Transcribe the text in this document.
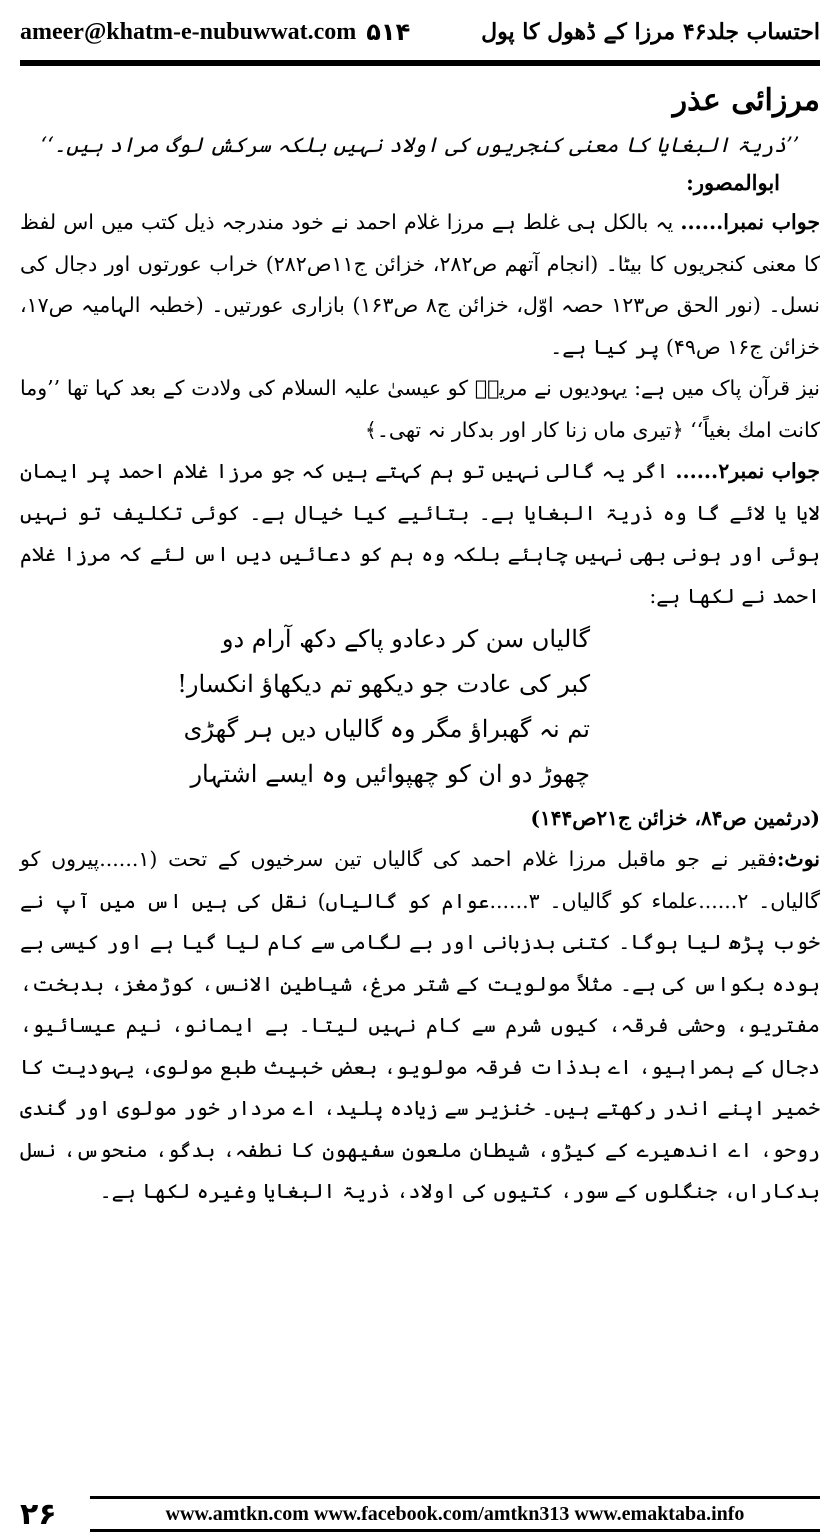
ameer@khatm-e-nubuwwat.com ۵۱۴	احتساب جلد۴۶ مرزا کے ڈھول کا پول
مرزائی عذر
’’ذریۃ البغایا کا معنی کنجریوں کی اولاد نہیں بلکہ سرکش لوگ مراد ہیں۔‘‘
ابوالمصور:

جواب نمبرا...... یہ بالکل ہی غلط ہے مرزا غلام احمد نے خود مندرجہ ذیل کتب میں اس لفظ کا معنی کنجریوں کا بیٹا۔ (انجام آتھم ص۲۸۲، خزائن ج۱۱ص۲۸۲) خراب عورتوں اور دجال کی نسل۔ (نور الحق ص۱۲۳ حصہ اوّل، خزائن ج۸ ص۱۶۳) بازاری عورتیں۔ (خطبہ الہامیہ ص۱۷، خزائن ج۱۶ ص۴۹) پر کیا ہے۔

نیز قرآن پاک میں ہے: یہودیوں نے مریمؑ کو عیسیٰ علیہ السلام کی ولادت کے بعد کہا تھا ’’وما کانت امك بغیاً‘‘ ﴿تیری ماں زنا کار اور بدکار نہ تھی۔﴾

جواب نمبر۲...... اگر یہ گالی نہیں تو ہم کہتے ہیں کہ جو مرزا غلام احمد پر ایمان لایا یا لائے گا وہ ذریۃ البغایا ہے۔ بتائیے کیا خیال ہے۔ کوئی تکلیف تو نہیں ہوئی اور ہونی بھی نہیں چاہئے بلکہ وہ ہم کو دعائیں دیں اس لئے کہ مرزا غلام احمد نے لکھا ہے:

گالیاں سن کر دعادو پاکے دکھ آرام دو
کبر کی عادت جو دیکھو تم دیکھاؤ انکسار!
تم نہ گھبراؤ مگر وہ گالیاں دیں ہر گھڑی
چھوڑ دو ان کو چھپوائیں وہ ایسے اشتہار
(درثمین ص۸۴، خزائن ج۲۱ص۱۴۴)

نوٹ:فقیر نے جو ماقبل مرزا غلام احمد کی گالیاں تین سرخیوں کے تحت (۱......پیروں کو گالیاں۔ ۲......علماء کو گالیاں۔ ۳......عوام کو گالیاں) نقل کی ہیں اس میں آپ نے خوب پڑھ لیا ہوگا۔ کتنی بدزبانی اور بے لگامی سے کام لیا گیا ہے اور کیسی بے ہودہ بکواس کی ہے۔ مثلاً مولویت کے شتر مرغ، شیاطین الانس، کوڑمغز، بدبخت، مفتریو، وحشی فرقہ، کیوں شرم سے کام نہیں لیتا۔ بے ایمانو، نیم عیسائیو، دجال کے ہمراہیو، اے بدذات فرقہ مولویو، بعض خبیث طبع مولوی، یہودیت کا خمیر اپنے اندر رکھتے ہیں۔ خنزیر سے زیادہ پلید، اے مردار خور مولوی اور گندی روحو، اے اندھیرے کے کیڑو، شیطان ملعون سفیھون کا نطفہ، بدگو، منحوس، نسل بدکاراں، جنگلوں کے سور، کتیوں کی اولاد، ذریۃ البغایا وغیرہ لکھا ہے۔

۲۶	www.amtkn.com www.facebook.com/amtkn313 www.emaktaba.info
